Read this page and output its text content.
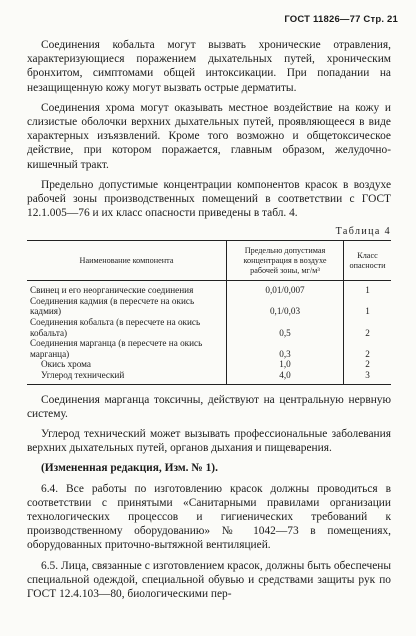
ГОСТ 11826—77 Стр. 21

Соединения кобальта могут вызвать хронические отравления, характеризующиеся поражением дыхательных путей, хроническим бронхитом, симптомами общей интоксикации. При попадании на незащищенную кожу могут вызвать острые дерматиты.

Соединения хрома могут оказывать местное воздействие на кожу и слизистые оболочки верхних дыхательных путей, проявляющееся в виде характерных изъязвлений. Кроме того возможно и общетоксическое действие, при котором поражается, главным образом, желудочно-кишечный тракт.

Предельно допустимые концентрации компонентов красок в воздухе рабочей зоны производственных помещений в соответствии с ГОСТ 12.1.005—76 и их класс опасности приведены в табл. 4.

Таблица 4
Наименование компонента	Предельно допустимая концентрация в воздухе рабочей зоны, мг/м³	Класс опасности
Свинец и его неорганические соединения	0,01/0,007	1
Соединения кадмия (в пересчете на окись кадмия)	0,1/0,03	1
Соединения кобальта (в пересчете на окись кобальта)	0,5	2
Соединения марганца (в пересчете на окись марганца)	0,3	2
Окись хрома	1,0	2
Углерод технический	4,0	3

Соединения марганца токсичны, действуют на центральную нервную систему.

Углерод технический может вызывать профессиональные заболевания верхних дыхательных путей, органов дыхания и пищеварения.

(Измененная редакция, Изм. № 1).

6.4. Все работы по изготовлению красок должны проводиться в соответствии с принятыми «Санитарными правилами организации технологических процессов и гигиенических требований к производственному оборудованию» № 1042—73 в помещениях, оборудованных приточно-вытяжной вентиляцией.

6.5. Лица, связанные с изготовлением красок, должны быть обеспечены специальной одеждой, специальной обувью и средствами защиты рук по ГОСТ 12.4.103—80, биологическими пер-
